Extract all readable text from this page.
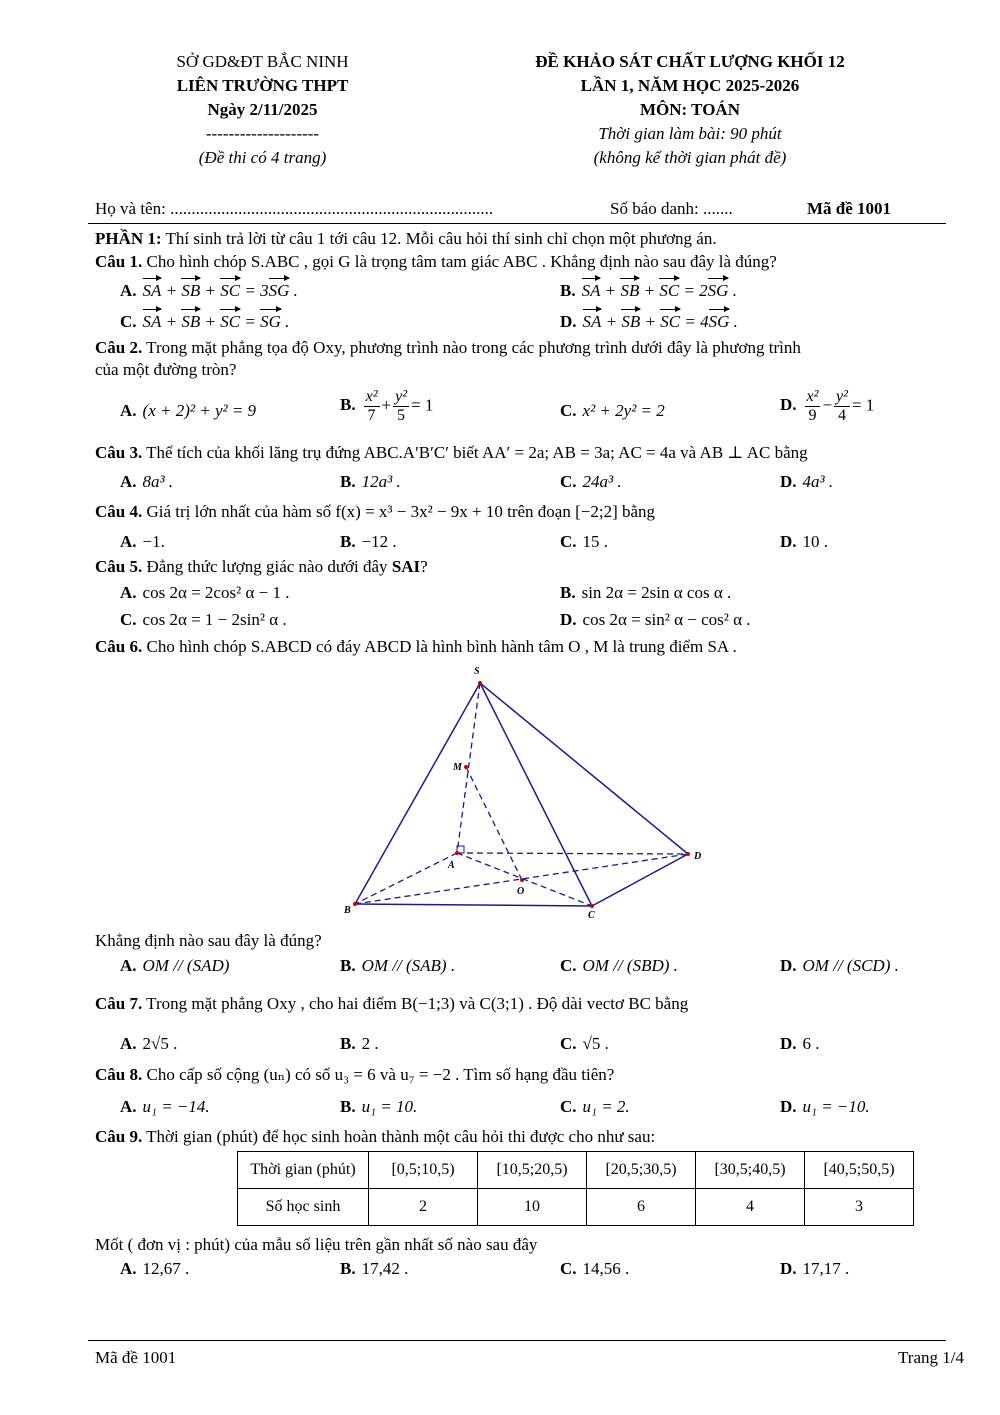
SỞ GD&ĐT BẮC NINH
LIÊN TRƯỜNG THPT
Ngày 2/11/2025
--------------------
(Đề thi có 4 trang)
ĐỀ KHẢO SÁT CHẤT LƯỢNG KHỐI 12
LẦN 1, NĂM HỌC 2025-2026
MÔN: TOÁN
Thời gian làm bài: 90 phút
(không kể thời gian phát đề)
Họ và tên: ............................................................................	Số báo danh: .......	Mã đề 1001
PHẦN 1: Thí sinh trả lời từ câu 1 tới câu 12. Mỗi câu hỏi thí sinh chỉ chọn một phương án.
Câu 1. Cho hình chóp S.ABC , gọi G là trọng tâm tam giác ABC . Khẳng định nào sau đây là đúng?
A. SA + SB + SC = 3SG .	B. SA + SB + SC = 2SG .
C. SA + SB + SC = SG .	D. SA + SB + SC = 4SG .
Câu 2. Trong mặt phẳng tọa độ Oxy, phương trình nào trong các phương trình dưới đây là phương trình
của một đường tròn?
A. (x + 2)² + y² = 9	B. $\frac{\text{x²}}{7} + \frac{\text{y²}}{5} = 1$	C. x² + 2y² = 2	D. $\frac{\text{x²}}{9} - \frac{\text{y²}}{4} = 1$
Câu 3. Thể tích của khối lăng trụ đứng ABC.A′B′C′ biết AA′ = 2a; AB = 3a; AC = 4a và AB ⊥ AC bằng
A. 8a³ .	B. 12a³ .	C. 24a³ .	D. 4a³ .
Câu 4. Giá trị lớn nhất của hàm số f(x) = x³ − 3x² − 9x + 10 trên đoạn [−2;2] bằng
A. −1.	B. −12 .	C. 15 .	D. 10 .
Câu 5. Đẳng thức lượng giác nào dưới đây SAI?
A. cos 2α = 2cos² α − 1 .	B. sin 2α = 2sin α cos α .
C. cos 2α = 1 − 2sin² α .	D. cos 2α = sin² α − cos² α .
Câu 6. Cho hình chóp S.ABCD có đáy ABCD là hình bình hành tâm O , M là trung điểm SA .
S
M
A
O
B	C
D
Khẳng định nào sau đây là đúng?
A. OM // (SAD)	B. OM // (SAB) .	C. OM // (SBD) .	D. OM // (SCD) .
Câu 7. Trong mặt phẳng Oxy , cho hai điểm B(−1;3) và C(3;1) . Độ dài vectơ BC bằng
A. 2√5 .	B. 2 .	C. √5 .	D. 6 .
Câu 8. Cho cấp số cộng (uₙ) có số u₃ = 6 và u₇ = −2 . Tìm số hạng đầu tiên?
A. u₁ = −14.	B. u₁ = 10.	C. u₁ = 2.	D. u₁ = −10.
Câu 9. Thời gian (phút) để học sinh hoàn thành một câu hỏi thi được cho như sau:
Thời gian (phút)	[0,5;10,5)	[10,5;20,5)	[20,5;30,5)	[30,5;40,5)	[40,5;50,5)
Số học sinh	2	10	6	4	3
Mốt ( đơn vị : phút) của mẫu số liệu trên gần nhất số nào sau đây
A. 12,67 .	B. 17,42 .	C. 14,56 .	D. 17,17 .
Mã đề 1001	Trang 1/4
